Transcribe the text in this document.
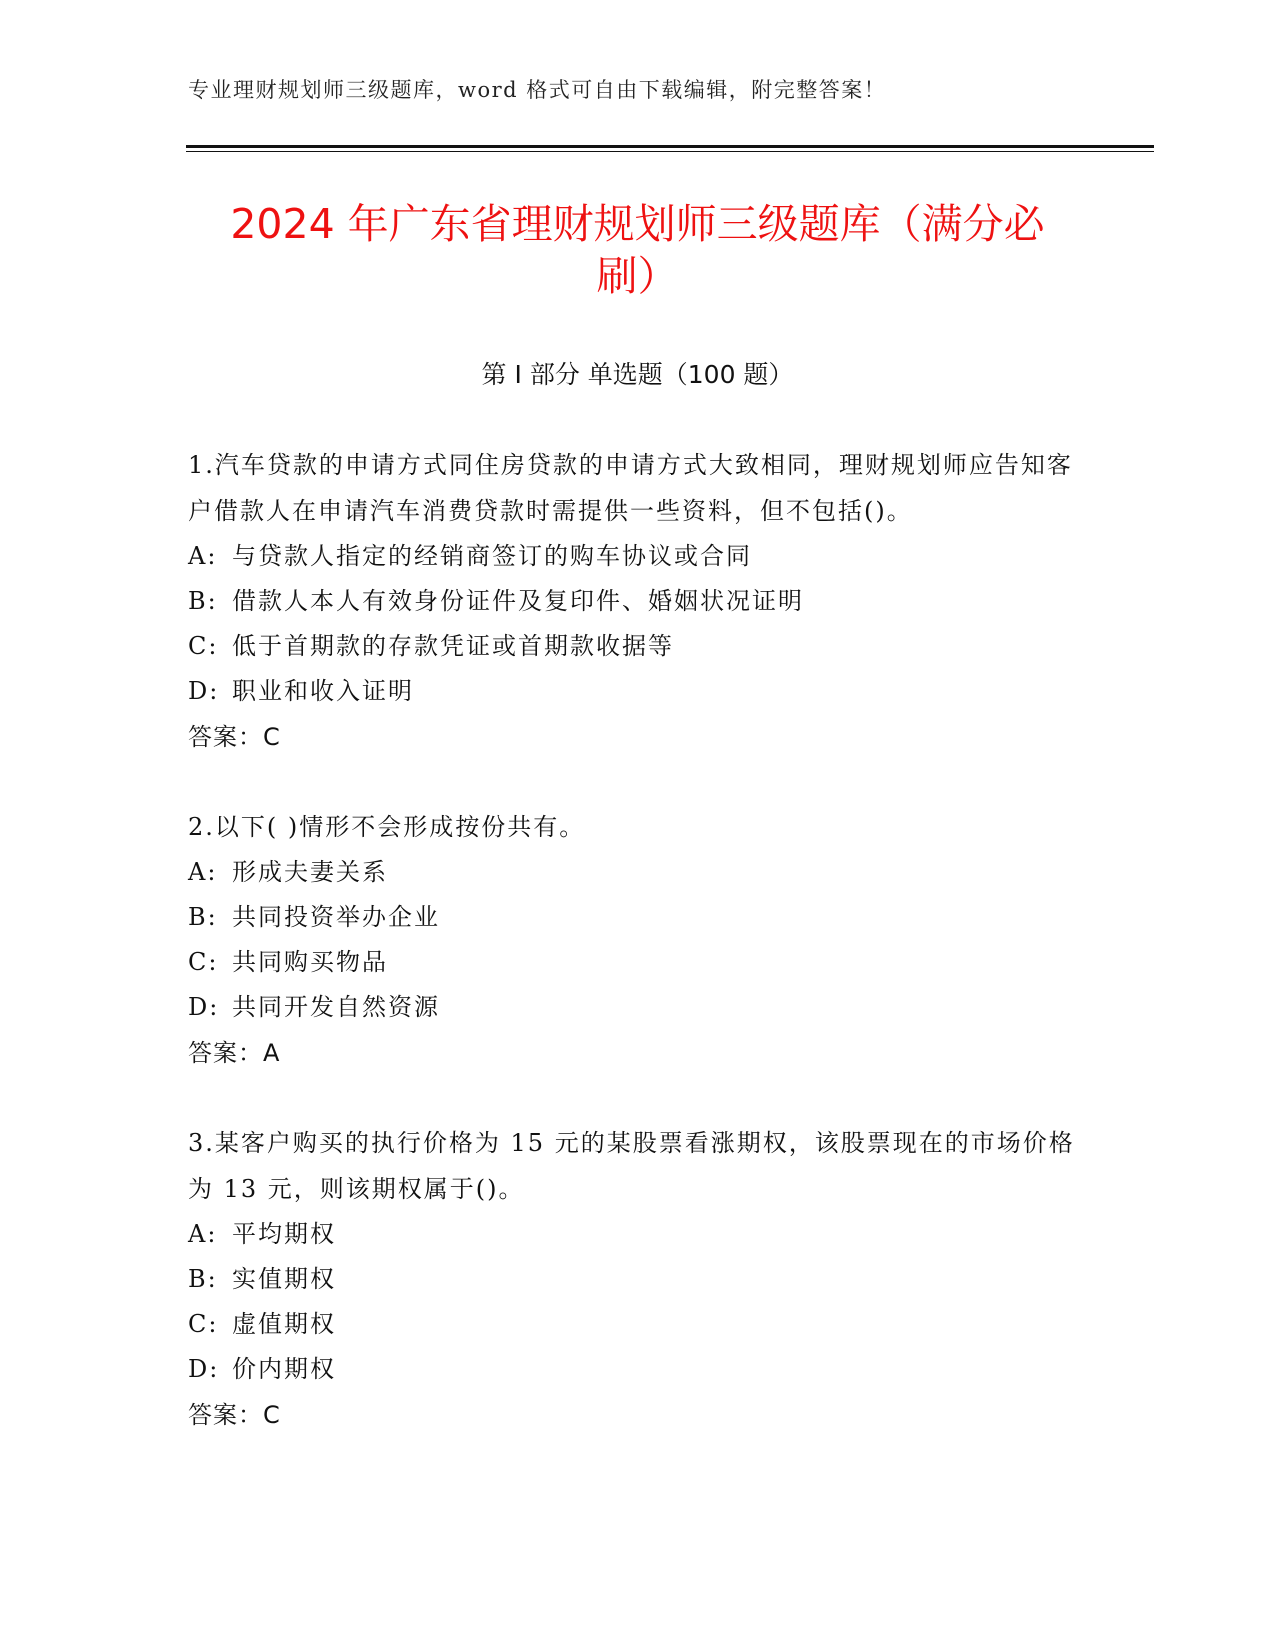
专业理财规划师三级题库，word 格式可自由下载编辑，附完整答案！
2024 年广东省理财规划师三级题库（满分必
刷）
第 I 部分 单选题（100 题）
1.汽车贷款的申请方式同住房贷款的申请方式大致相同，理财规划师应告知客户借款人在申请汽车消费贷款时需提供一些资料，但不包括()。
A: 与贷款人指定的经销商签订的购车协议或合同
B: 借款人本人有效身份证件及复印件、婚姻状况证明
C: 低于首期款的存款凭证或首期款收据等
D: 职业和收入证明
答案：C
2.以下( )情形不会形成按份共有。
A: 形成夫妻关系
B: 共同投资举办企业
C: 共同购买物品
D: 共同开发自然资源
答案：A
3.某客户购买的执行价格为 15 元的某股票看涨期权，该股票现在的市场价格为 13 元，则该期权属于()。
A: 平均期权
B: 实值期权
C: 虚值期权
D: 价内期权
答案：C
